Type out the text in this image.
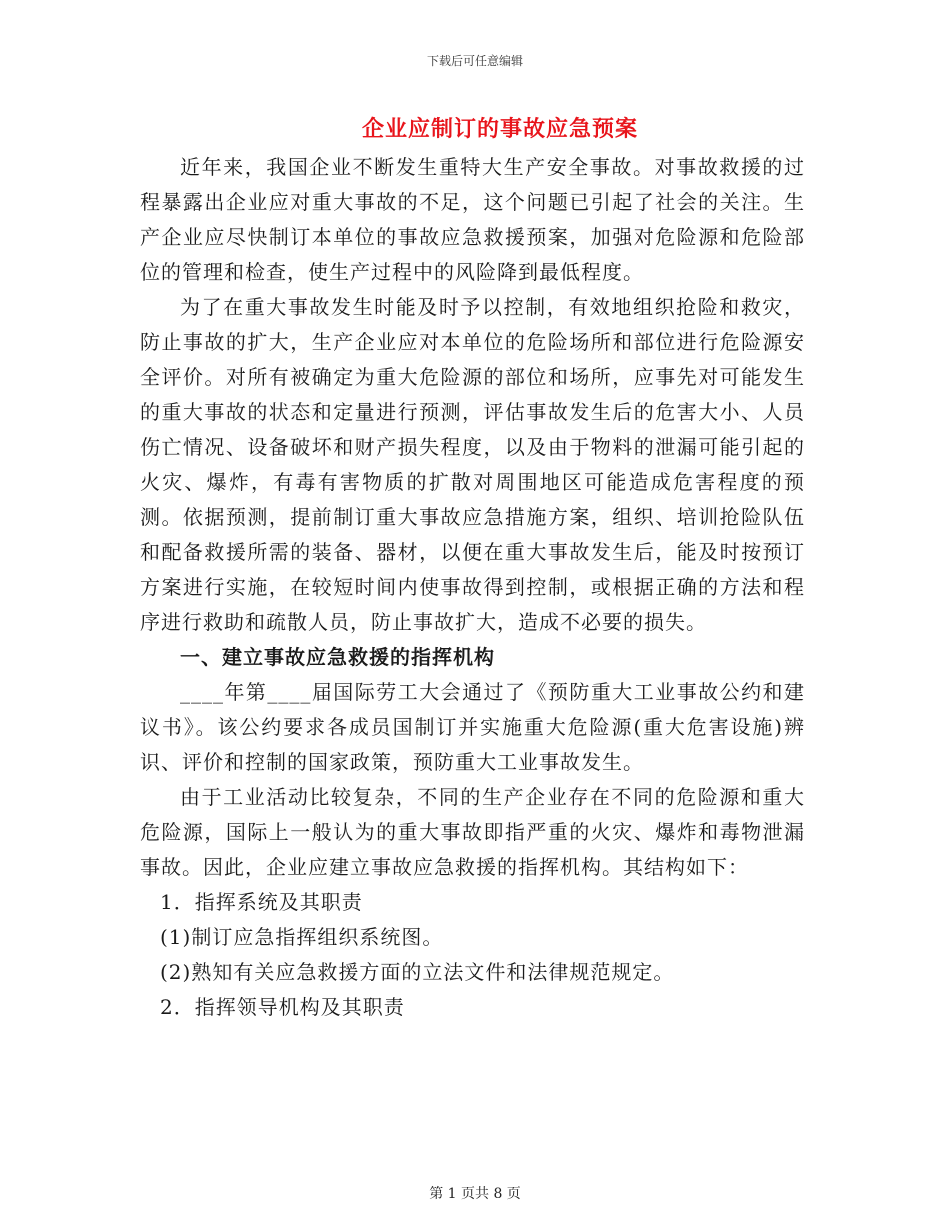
下载后可任意编辑
企业应制订的事故应急预案

近年来，我国企业不断发生重特大生产安全事故。对事故救援的过程暴露出企业应对重大事故的不足，这个问题已引起了社会的关注。生产企业应尽快制订本单位的事故应急救援预案，加强对危险源和危险部位的管理和检查，使生产过程中的风险降到最低程度。

为了在重大事故发生时能及时予以控制，有效地组织抢险和救灾，防止事故的扩大，生产企业应对本单位的危险场所和部位进行危险源安全评价。对所有被确定为重大危险源的部位和场所，应事先对可能发生的重大事故的状态和定量进行预测，评估事故发生后的危害大小、人员伤亡情况、设备破坏和财产损失程度，以及由于物料的泄漏可能引起的火灾、爆炸，有毒有害物质的扩散对周围地区可能造成危害程度的预测。依据预测，提前制订重大事故应急措施方案，组织、培训抢险队伍和配备救援所需的装备、器材，以便在重大事故发生后，能及时按预订方案进行实施，在较短时间内使事故得到控制，或根据正确的方法和程序进行救助和疏散人员，防止事故扩大，造成不必要的损失。

一、建立事故应急救援的指挥机构

____年第____届国际劳工大会通过了《预防重大工业事故公约和建议书》。该公约要求各成员国制订并实施重大危险源(重大危害设施)辨识、评价和控制的国家政策，预防重大工业事故发生。

由于工业活动比较复杂，不同的生产企业存在不同的危险源和重大危险源，国际上一般认为的重大事故即指严重的火灾、爆炸和毒物泄漏事故。因此，企业应建立事故应急救援的指挥机构。其结构如下：

1．指挥系统及其职责

(1)制订应急指挥组织系统图。

(2)熟知有关应急救援方面的立法文件和法律规范规定。

2．指挥领导机构及其职责

第 1 页共 8 页
